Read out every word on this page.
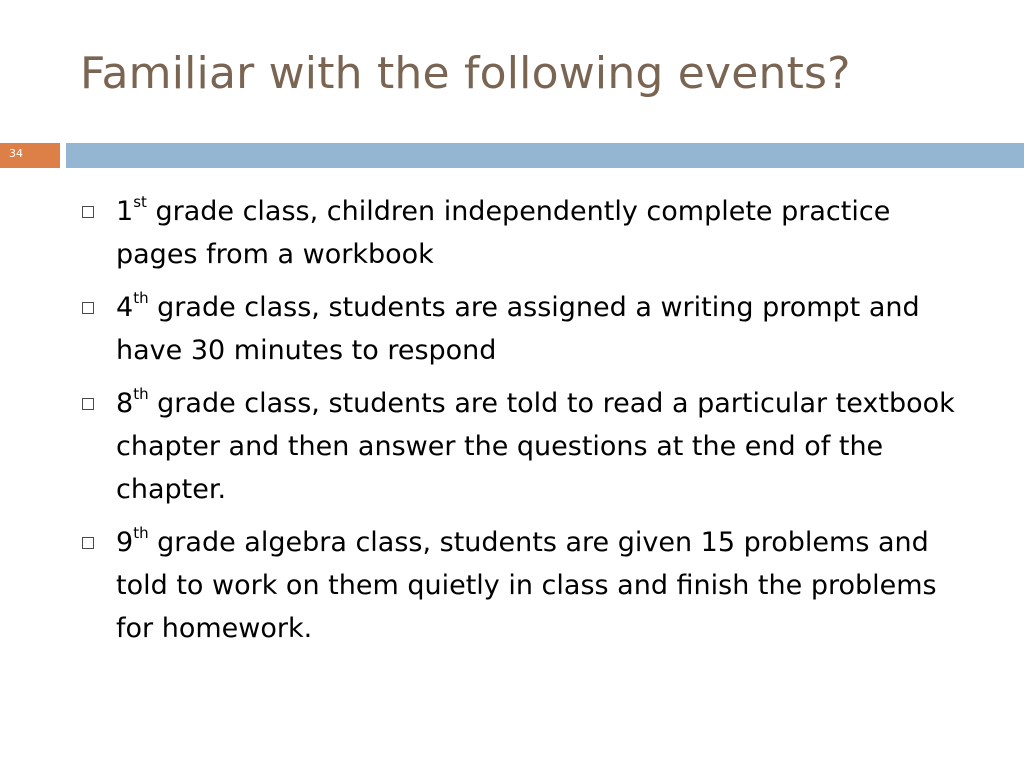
Familiar with the following events?
34
1st grade class, children independently complete practice pages from a workbook
4th grade class, students are assigned a writing prompt and have 30 minutes to respond
8th grade class, students are told to read a particular textbook chapter and then answer the questions at the end of the chapter.
9th grade algebra class, students are given 15 problems and told to work on them quietly in class and finish the problems for homework.
